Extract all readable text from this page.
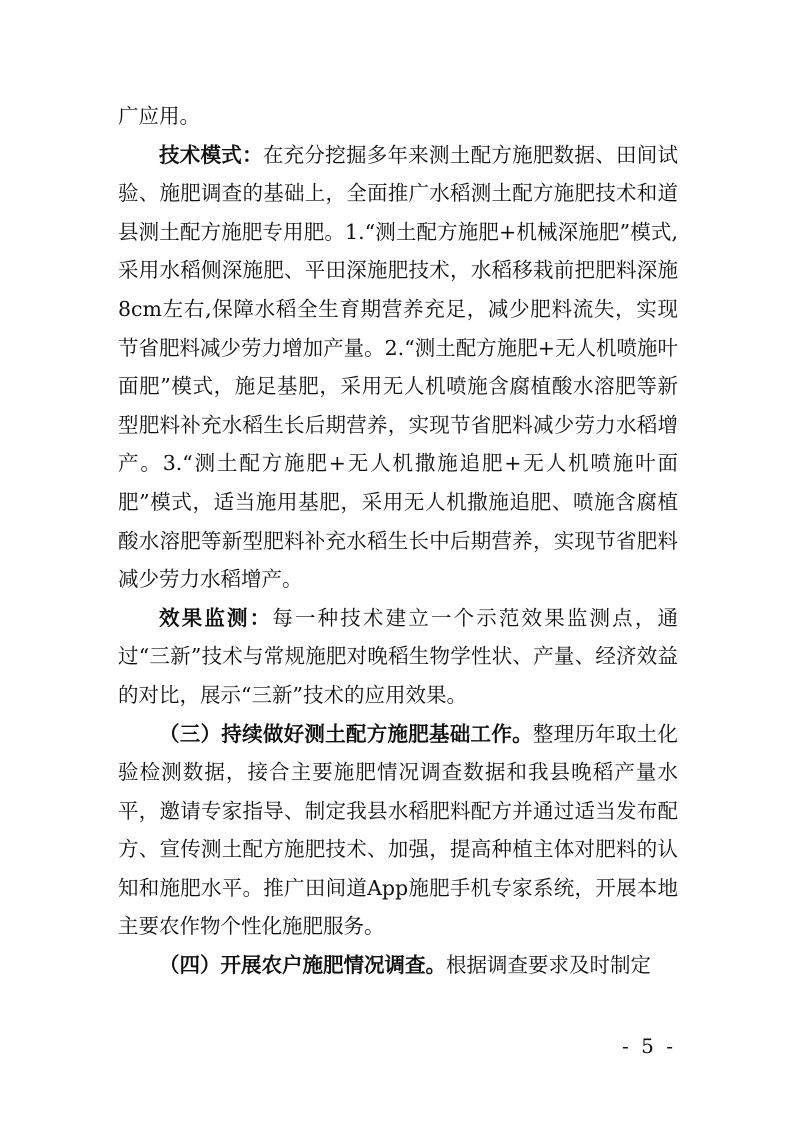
广应用。

技术模式：在充分挖掘多年来测土配方施肥数据、田间试验、施肥调查的基础上，全面推广水稻测土配方施肥技术和道县测土配方施肥专用肥。1.“测土配方施肥+机械深施肥”模式,采用水稻侧深施肥、平田深施肥技术，水稻移栽前把肥料深施8cm左右,保障水稻全生育期营养充足，减少肥料流失，实现节省肥料减少劳力增加产量。2.“测土配方施肥+无人机喷施叶面肥”模式，施足基肥，采用无人机喷施含腐植酸水溶肥等新型肥料补充水稻生长后期营养，实现节省肥料减少劳力水稻增产。3.“测土配方施肥+无人机撒施追肥+无人机喷施叶面肥”模式，适当施用基肥，采用无人机撒施追肥、喷施含腐植酸水溶肥等新型肥料补充水稻生长中后期营养，实现节省肥料减少劳力水稻增产。

效果监测：每一种技术建立一个示范效果监测点，通过“三新”技术与常规施肥对晚稻生物学性状、产量、经济效益的对比，展示“三新”技术的应用效果。

（三）持续做好测土配方施肥基础工作。整理历年取土化验检测数据，接合主要施肥情况调查数据和我县晚稻产量水平，邀请专家指导、制定我县水稻肥料配方并通过适当发布配方、宣传测土配方施肥技术、加强，提高种植主体对肥料的认知和施肥水平。推广田间道App施肥手机专家系统，开展本地主要农作物个性化施肥服务。

（四）开展农户施肥情况调查。根据调查要求及时制定

- 5 -
